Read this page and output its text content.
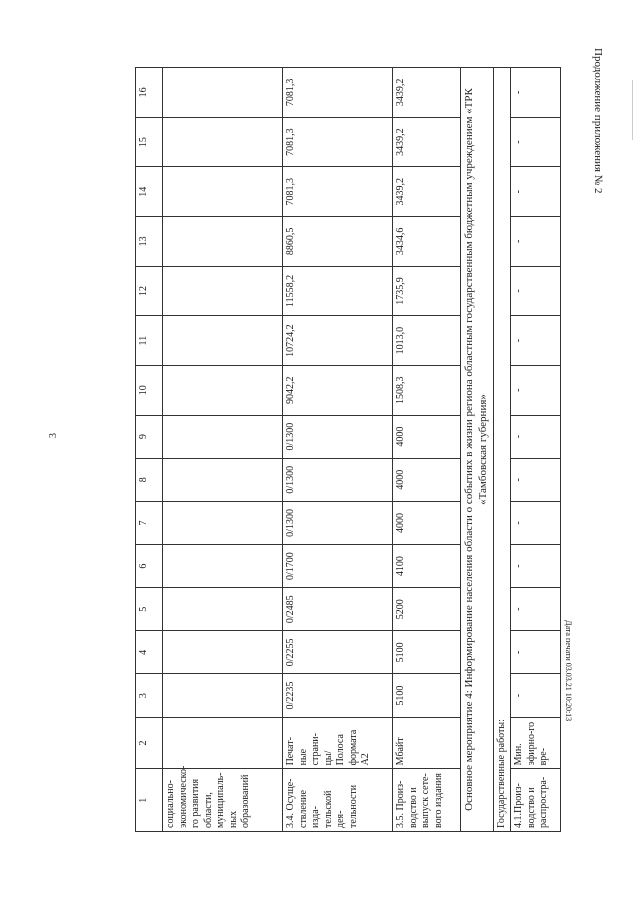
3
Продолжение приложения № 2
Дата печати 03.03.21 10:20:13
1	2	3	4	5	6	7	8	9	10	11	12	13	14	15	16
социально-экономическо-го развития области, муниципаль-ных образований															
3.4. Осуще-ствление изда-тельской дея-тельности	Печат-ные страни-цы/ Полоса формата А2	0/2235	0/2255	0/2485	0/1700	0/1300	0/1300	0/1300	9042,2	10724,2	11558,2	8860,5	7081,3	7081,3	7081,3
3.5. Произ-водство и выпуск сете-вого издания	Мбайт	5100	5100	5200	4100	4000	4000	4000	1508,3	1013,0	1735,9	3434,6	3439,2	3439,2	3439,2
Основное мероприятие 4: Информирование населения области о событиях в жизни региона областным государственным бюджетным учреждением «ТРК «Тамбовская губерния»															
Государственные работы:															
4.1.Произ-водство и распростра-	Мин. эфирно-го вре-	-	-	-	-	-	-	-	-	-	-	-	-	-	-
